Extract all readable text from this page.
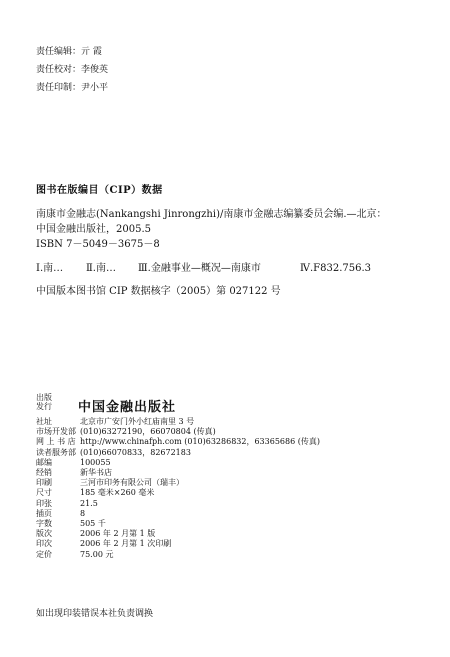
责任编辑：亓 霞
责任校对：李俊英
责任印制：尹小平
图书在版编目（CIP）数据
南康市金融志(Nankangshi Jinrongzhi)/南康市金融志编纂委员会编.—北京：
中国金融出版社，2005.5
ISBN 7－5049－3675－8
Ⅰ.南… Ⅱ.南… Ⅲ.金融事业—概况—南康市	Ⅳ.F832.756.3
中国版本图书馆 CIP 数据核字（2005）第 027122 号
出版
发行	中国金融出版社
社址	北京市广安门外小红庙南里 3 号
市场开发部 (010)63272190，66070804 (传真)
网 上 书 店 http://www.chinafph.com (010)63286832，63365686 (传真)
读者服务部 (010)66070833，82672183
邮编	100055
经销	新华书店
印刷	三河市印务有限公司（瑞丰）
尺寸	185 毫米×260 毫米
印张	21.5
插页	8
字数	505 千
版次	2006 年 2 月第 1 版
印次	2006 年 2 月第 1 次印刷
定价	75.00 元
如出现印装错误本社负责调换
